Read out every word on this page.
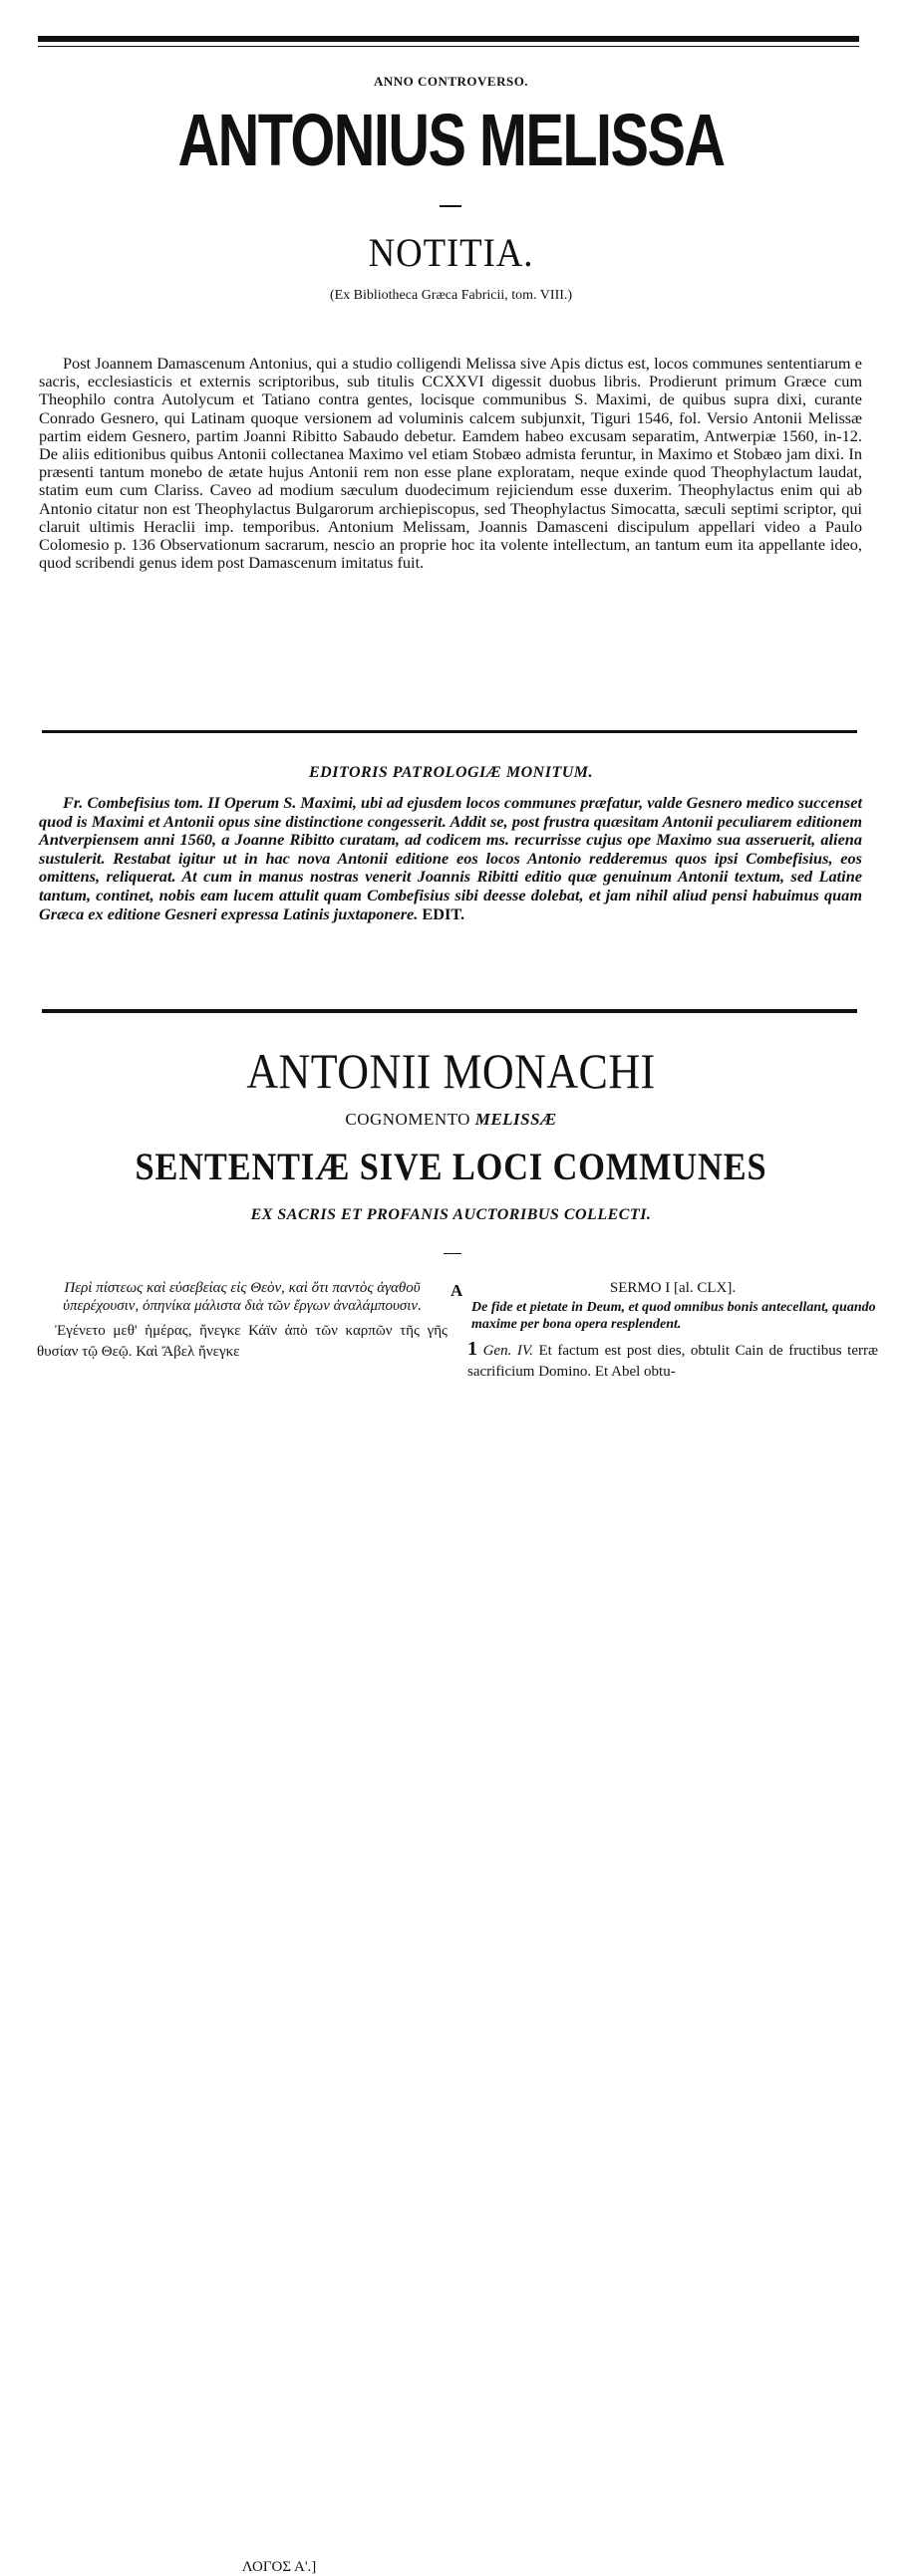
ANNO CONTROVERSO.
ANTONIUS MELISSA
NOTITIA.
(Ex Bibliotheca Græca Fabricii, tom. VIII.)
Post Joannem Damascenum Antonius, qui a studio colligendi Melissa sive Apis dictus est, locos communes sententiarum e sacris, ecclesiasticis et externis scriptoribus, sub titulis CCXXVI digessit duobus libris. Prodierunt primum Græce cum Theophilo contra Autolycum et Tatiano contra gentes, locisque communibus S. Maximi, de quibus supra dixi, curante Conrado Gesnero, qui Latinam quoque versionem ad voluminis calcem subjunxit, Tiguri 1546, fol. Versio Antonii Melissæ partim eidem Gesnero, partim Joanni Ribitto Sabaudo debetur. Eamdem habeo excusam separatim, Antwerpiæ 1560, in-12. De aliis editionibus quibus Antonii collectanea Maximo vel etiam Stobæo admista feruntur, in Maximo et Stobæo jam dixi. In præsenti tantum monebo de ætate hujus Antonii rem non esse plane exploratam, neque exinde quod Theophylactum laudat, statim eum cum Clariss. Caveo ad modium sæculum duodecimum rejiciendum esse duxerim. Theophylactus enim qui ab Antonio citatur non est Theophylactus Bulgarorum archiepiscopus, sed Theophylactus Simocatta, sæculi septimi scriptor, qui claruit ultimis Heraclii imp. temporibus. Antonium Melissam, Joannis Damasceni discipulum appellari video a Paulo Colomesio p. 136 Observationum sacrarum, nescio an proprie hoc ita volente intellectum, an tantum eum ita appellante ideo, quod scribendi genus idem post Damascenum imitatus fuit.
EDITORIS PATROLOGIÆ MONITUM.
Fr. Combefisius tom. II Operum S. Maximi, ubi ad ejusdem locos communes præfatur, valde Gesnero medico succenset quod is Maximi et Antonii opus sine distinctione congesserit. Addit se, post frustra quæsitam Antonii peculiarem editionem Antverpiensem anni 1560, a Joanne Ribitto curatam, ad codicem ms. recurrisse cujus ope Maximo sua asseruerit, aliena sustulerit. Restabat igitur ut in hac nova Antonii editione eos locos Antonio redderemus quos ipsi Combefisius, eos omittens, reliquerat. At cum in manus nostras venerit Joannis Ribitti editio quæ genuinum Antonii textum, sed Latine tantum, continet, nobis eam lucem attulit quam Combefisius sibi deesse dolebat, et jam nihil aliud pensi habuimus quam Græca ex editione Gesneri expressa Latinis juxtaponere. EDIT.
ANTONII MONACHI
COGNOMENTO MELISSÆ
SENTENTIÆ SIVE LOCI COMMUNES
EX SACRIS ET PROFANIS AUCTORIBUS COLLECTI.
ΛΟΓΟΣ Α'.]
Περὶ πίστεως καὶ εὐσεβείας εἰς Θεὸν, καὶ ὅτι παντὸς ἀγαθοῦ ὑπερέχουσιν, ὁπηνίκα μάλιστα διὰ τῶν ἔργων ἀναλάμπουσιν.
Ἐγένετο μεθ' ἡμέρας, ἤνεγκε Κάϊν ἀπὸ τῶν καρπῶν τῆς γῆς θυσίαν τῷ Θεῷ. Καὶ Ἄβελ ἤνεγκε
A	SERMO I [al. CLX].
De fide et pietate in Deum, et quod omnibus bonis antecellant, quando maxime per bona opera resplendent.
1 Gen. IV. Et factum est post dies, obtulit Cain de fructibus terræ sacrificium Domino. Et Abel obtu-
